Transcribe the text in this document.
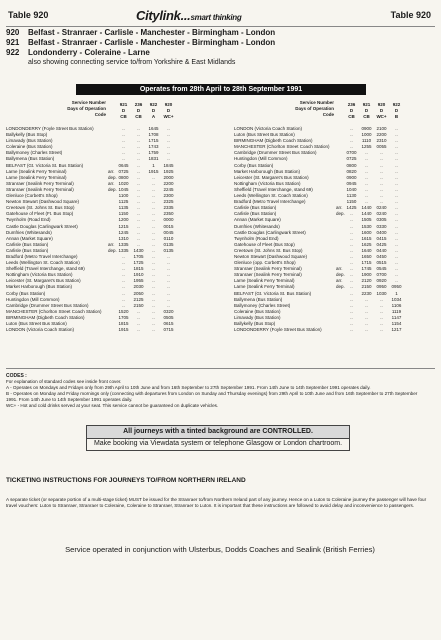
Table 920	Citylink...smart thinking	Table 920
920 Belfast - Stranraer - Carlisle - Manchester - Birmingham - London
921 Belfast - Stranraer - Carlisle - Manchester - Birmingham - London
922 Londonderry - Coleraine - Larne
also showing connecting service to/from Yorkshire & East Midlands
Operates from 28th April to 28th September 1991
Service Number
Days of Operation
Code
921
D
CB
236
D
CB
922
D
A
920
D
WC+
LONDONDERRY (Foyle Street Bus Station)	..	..	1645	..
Ballykelly (Bus Stop)	..	..	1708	..
Limavady (Bus Station)	..	..	1715	..
Coleraine (Bus Station)	..	..	1743	..
Ballymoney (Charles Street)	..	..	1759	..
Ballymena (Bus Station)	..	..	1831	..
BELFAST (Gt. Victoria St. Bus Station)	0645	..	1	1845
Larne (Sealink Ferry Terminal)	arr. 0725	..	1915	1925
Larne (Sealink Ferry Terminal)	dep. 0800	..	..	2000
Stranraer (Sealink Ferry Terminal)	arr. 1020	..	..	2200
Stranraer (Sealink Ferry Terminal)	dep. 1045	..	..	2245
Glenluce (Corbett's Shop)	1100	..	..	2300
Newton Stewart (Dashwood Square)	1125	..	..	2325
Creetown (St. Johns St. Bus Stop)	1135	..	..	2335
Gatehouse of Fleet (Ft. Bus Stop)	1150	..	..	2350
Twynholm (Road End)	1200	..	..	0000
Castle Douglas (Carlingwark Street)	1215	..	..	0015
Dumfries (Whitesands)	1245	..	..	0045
Annan (Market Square)	1310	..	..	0110
Carlisle (Bus Station)	arr. 1335	..	..	0135
Carlisle (Bus Station)	dep. 1335	1430	..	0135
Bradford (Metro Travel Interchange)	..	1705	..	..
Leeds (Wellington St. Coach Station)	..	1725	..	..
Sheffield (Travel Interchange, stand 69)	..	1815	..	..
Nottingham (Victoria Bus Station)	..	1910	..	..
Leicester (St. Margaret's Bus Station)	..	1955	..	..
Market Harborough (Bus Station)	..	2030	..	..
Corby (Bus Station)	..	2050	..	..
Huntingdon (Mill Common)	..	2125	..	..
Cambridge (Drummer Street Bus Station)	..	2150	..	..
MANCHESTER (Chorlton Street Coach Station)	1520	..	..	0320
BIRMINGHAM (Digbeth Coach Station)	1705	..	..	0505
Luton (Bus Street Bus Station)	1815	..	..	0615
LONDON (Victoria Coach Station)	1915	..	..	0715
Service Number
Days of Operation
Code
236
D
CB
921
D
CB
920
D
WC+
922
D
B
LONDON (Victoria Coach Station)	..	0900	2100	..
Luton (Bus Street Bus Station)	..	1000	2200	..
BIRMINGHAM (Digbeth Coach Station)	..	1110	2310	..
MANCHESTER (Chorlton Street Coach Station)	..	1255	0055	..
Cambridge (Drummer Street Bus Station)	0700	..	..	..
Huntingdon (Mill Common)	0725	..	..	..
Corby (Bus Station)	0800	..	..	..
Market Harborough (Bus Station)	0820	..	..	..
Leicester (St. Margaret's Bus Station)	0900	..	..	..
Nottingham (Victoria Bus Station)	0945	..	..	..
Sheffield (Travel Interchange, stand 69)	1040	..	..	..
Leeds (Wellington St. Coach Station)	1130	..	..	..
Bradford (Metro Travel Interchange)	1150	..	..	..
Carlisle (Bus Station)	arr. 1425	1440	0240	..
Carlisle (Bus Station)	dep.	..	1440	0240	..
Annan (Market Square)	..	1505	0305	..
Dumfries (Whitesands)	..	1530	0330	..
Castle Douglas (Carlingwark Street)	..	1600	0400	..
Twynholm (Road End)	..	1615	0415	..
Gatehouse of Fleet (Bus Stop)	..	1625	0425	..
Creetown (St. Johns St. Bus Stop)	..	1640	0440	..
Newton Stewart (Dashwood Square)	..	1650	0450	..
Glenluce (opp. Corbett's Shop)	..	1715	0515	..
Stranraer (Sealink Ferry Terminal)	arr.	..	1745	0545	..
Stranraer (Sealink Ferry Terminal)	dep.	..	1900	0700	..
Larne (Sealink Ferry Terminal)	arr.	..	2120	0920	..
Larne (Sealink Ferry Terminal)	dep.	..	2150	0950	0950
BELFAST (Gt. Victoria St. Bus Station)	..	2230	1030	1
Ballymena (Bus Station)	..	..	..	1034
Ballymoney (Charles Street)	..	..	..	1106
Coleraine (Bus Station)	..	..	..	1119
Limavady (Bus Station)	..	..	..	1147
Ballykelly (Bus Stop)	..	..	..	1154
LONDONDERRY (Foyle Street Bus Station)	..	..	..	1217
CODES :
For explanation of standard codes see inside front cover.
A - Operates on Mondays and Fridays only from 29th April to 10th June and from 16th September to 27th September 1991. From 14th June to 14th September 1991 operates daily.
B - Operates on Monday and Friday mornings only (connecting with departures from London on Sunday and Thursday evenings) from 29th April to 10th June and from 16th September to 27th September 1991. From 14th June to 14th September 1991 operates daily.
WC+ - Hot and cold drinks served at your seat. This service cannot be guaranteed on duplicate vehicles.
All journeys with a tinted background are CONTROLLED.
Make booking via Viewdata system or telephone Glasgow or London chartroom.
TICKETING INSTRUCTIONS FOR JOURNEYS TO/FROM NORTHERN IRELAND
A separate ticket (or separate portion of a multi-stage ticket) MUST be issued for the Stranraer to/from Northern Ireland part of any journey. Hence on a Luton to Coleraine journey the passenger will have four travel vouchers: Luton to Stranraer, Stranraer to Coleraine, Coleraine to Stranraer, Stranraer to Luton. It is important that these instructions are followed to avoid delay and inconvenience to passengers.
Service operated in conjunction with Ulsterbus, Dodds Coaches and Sealink (British Ferries)
